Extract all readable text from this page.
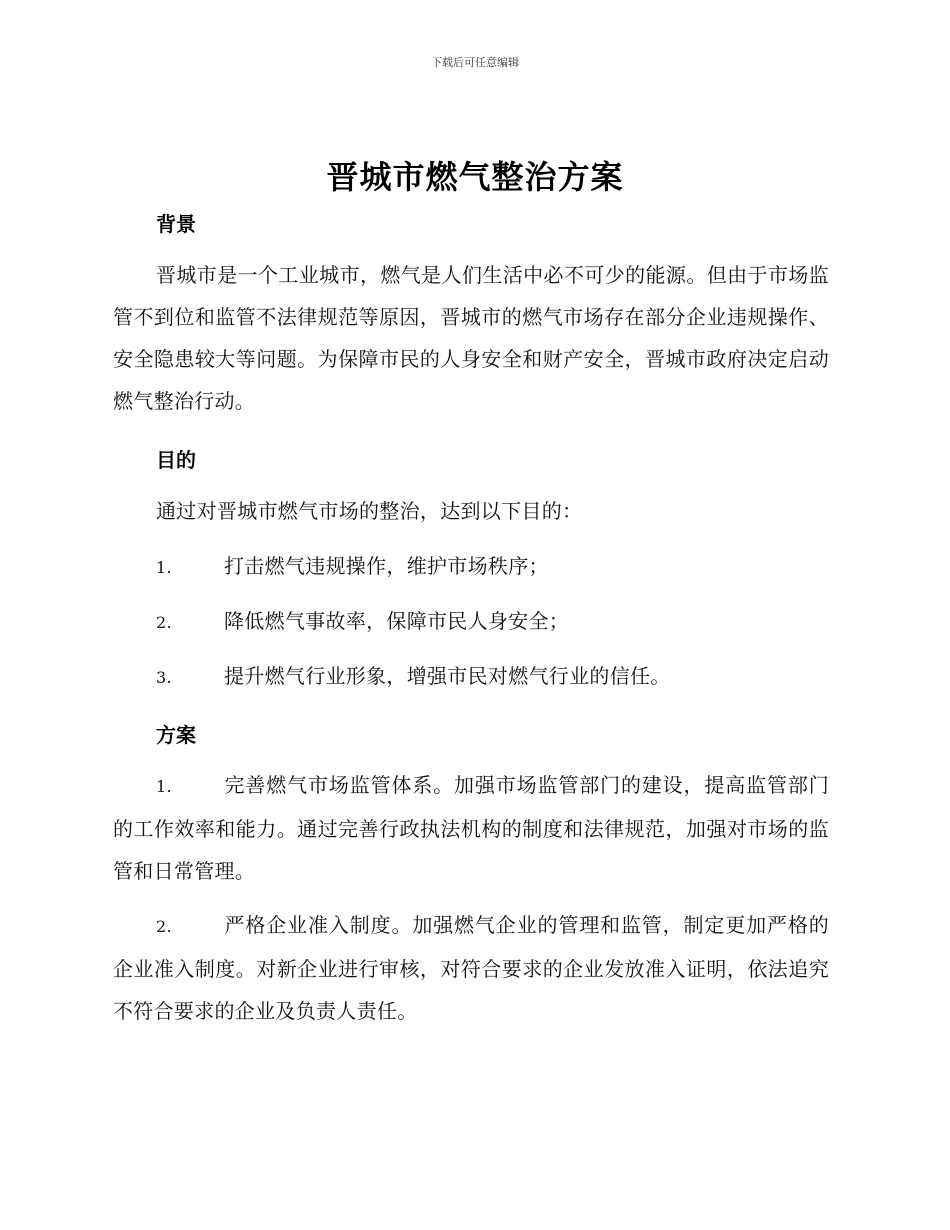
下载后可任意编辑
晋城市燃气整治方案
背景
晋城市是一个工业城市，燃气是人们生活中必不可少的能源。但由于市场监管不到位和监管不法律规范等原因，晋城市的燃气市场存在部分企业违规操作、安全隐患较大等问题。为保障市民的人身安全和财产安全，晋城市政府决定启动燃气整治行动。
目的
通过对晋城市燃气市场的整治，达到以下目的：
1.	打击燃气违规操作，维护市场秩序；
2.	降低燃气事故率，保障市民人身安全；
3.	提升燃气行业形象，增强市民对燃气行业的信任。
方案
1.	完善燃气市场监管体系。加强市场监管部门的建设，提高监管部门的工作效率和能力。通过完善行政执法机构的制度和法律规范，加强对市场的监管和日常管理。
2.	严格企业准入制度。加强燃气企业的管理和监管，制定更加严格的企业准入制度。对新企业进行审核，对符合要求的企业发放准入证明，依法追究不符合要求的企业及负责人责任。
